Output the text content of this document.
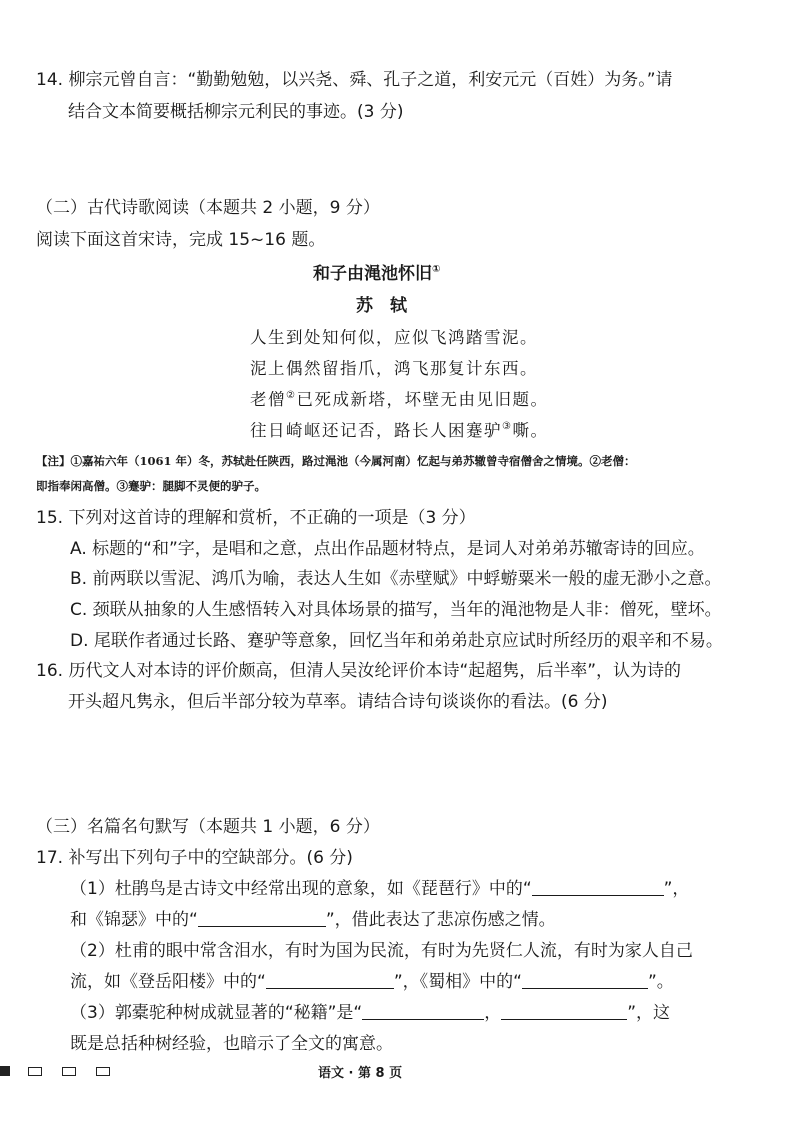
14. 柳宗元曾自言：“勤勤勉勉，以兴尧、舜、孔子之道，利安元元（百姓）为务。”请
结合文本简要概括柳宗元利民的事迹。(3 分)
（二）古代诗歌阅读（本题共 2 小题，9 分）
阅读下面这首宋诗，完成 15~16 题。
和子由渑池怀旧①
苏　轼
人生到处知何似，应似飞鸿踏雪泥。
泥上偶然留指爪，鸿飞那复计东西。
老僧②已死成新塔，坏壁无由见旧题。
往日崎岖还记否，路长人困蹇驴③嘶。
【注】①嘉祐六年（1061 年）冬，苏轼赴任陕西，路过渑池（今属河南）忆起与弟苏辙曾寺宿僧舍之情境。②老僧：
即指奉闲高僧。③蹇驴：腿脚不灵便的驴子。
15. 下列对这首诗的理解和赏析，不正确的一项是（3 分）
A. 标题的“和”字，是唱和之意，点出作品题材特点，是词人对弟弟苏辙寄诗的回应。
B. 前两联以雪泥、鸿爪为喻，表达人生如《赤壁赋》中蜉蝣粟米一般的虚无渺小之意。
C. 颈联从抽象的人生感悟转入对具体场景的描写，当年的渑池物是人非：僧死，壁坏。
D. 尾联作者通过长路、蹇驴等意象，回忆当年和弟弟赴京应试时所经历的艰辛和不易。
16. 历代文人对本诗的评价颇高，但清人吴汝纶评价本诗“起超隽，后半率”，认为诗的
开头超凡隽永，但后半部分较为草率。请结合诗句谈谈你的看法。(6 分)
（三）名篇名句默写（本题共 1 小题，6 分）
17. 补写出下列句子中的空缺部分。(6 分)
（1）杜鹃鸟是古诗文中经常出现的意象，如《琵琶行》中的“	”，
和《锦瑟》中的“	”，借此表达了悲凉伤感之情。
（2）杜甫的眼中常含泪水，有时为国为民流，有时为先贤仁人流，有时为家人自己
流，如《登岳阳楼》中的“	”，《蜀相》中的“	”。
（3）郭橐驼种树成就显著的“秘籍”是“	，	”，这
既是总括种树经验，也暗示了全文的寓意。
语文 · 第 8 页
